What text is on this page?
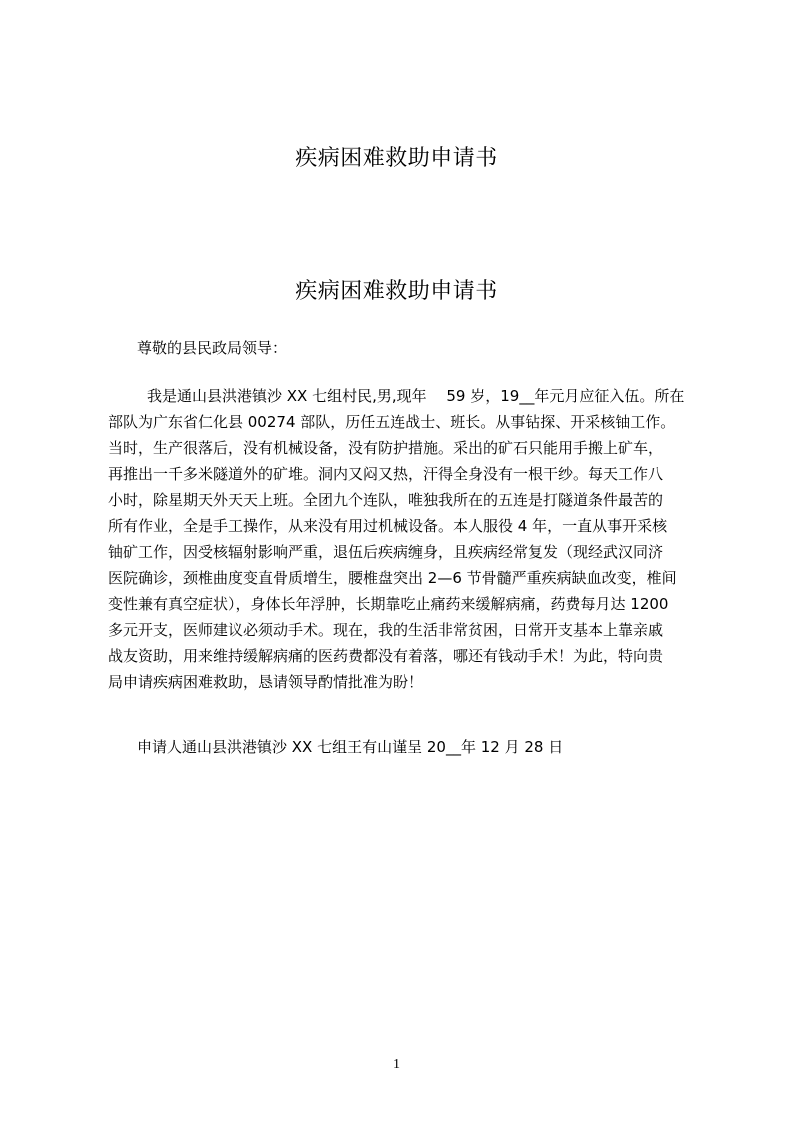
疾病困难救助申请书
疾病困难救助申请书
尊敬的县民政局领导：
我是通山县洪港镇沙 XX 七组村民,男,现年　 59 岁，19__年元月应征入伍。所在
部队为广东省仁化县 00274 部队，历任五连战士、班长。从事钻探、开采核铀工作。
当时，生产很落后，没有机械设备，没有防护措施。采出的矿石只能用手搬上矿车，
再推出一千多米隧道外的矿堆。洞内又闷又热，汗得全身没有一根干纱。每天工作八
小时，除星期天外天天上班。全团九个连队，唯独我所在的五连是打隧道条件最苦的
所有作业，全是手工操作，从来没有用过机械设备。本人服役 4 年，一直从事开采核
铀矿工作，因受核辐射影响严重，退伍后疾病缠身，且疾病经常复发（现经武汉同济
医院确诊，颈椎曲度变直骨质增生，腰椎盘突出 2—6 节骨髓严重疾病缺血改变，椎间
变性兼有真空症状），身体长年浮肿，长期靠吃止痛药来缓解病痛，药费每月达 1200
多元开支，医师建议必须动手术。现在，我的生活非常贫困，日常开支基本上靠亲戚
战友资助，用来维持缓解病痛的医药费都没有着落，哪还有钱动手术！为此，特向贵
局申请疾病困难救助，恳请领导酌情批准为盼！
申请人通山县洪港镇沙 XX 七组王有山谨呈 20__年 12 月 28 日
1
